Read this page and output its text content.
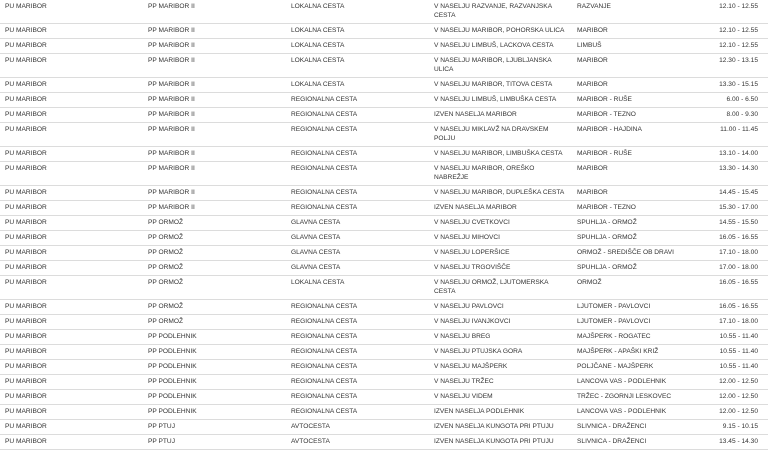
PU MARIBOR	PP MARIBOR II	LOKALNA CESTA	V NASELJU RAZVANJE, RAZVANJSKA CESTA	RAZVANJE	12.10 - 12.55
PU MARIBOR	PP MARIBOR II	LOKALNA CESTA	V NASELJU MARIBOR, POHORSKA ULICA	MARIBOR	12.10 - 12.55
PU MARIBOR	PP MARIBOR II	LOKALNA CESTA	V NASELJU LIMBUŠ, LACKOVA CESTA	LIMBUŠ	12.10 - 12.55
PU MARIBOR	PP MARIBOR II	LOKALNA CESTA	V NASELJU MARIBOR, LJUBLJANSKA ULICA	MARIBOR	12.30 - 13.15
PU MARIBOR	PP MARIBOR II	LOKALNA CESTA	V NASELJU MARIBOR, TITOVA CESTA	MARIBOR	13.30 - 15.15
PU MARIBOR	PP MARIBOR II	REGIONALNA CESTA	V NASELJU LIMBUŠ, LIMBUŠKA CESTA	MARIBOR - RUŠE	6.00 - 6.50
PU MARIBOR	PP MARIBOR II	REGIONALNA CESTA	IZVEN NASELJA MARIBOR	MARIBOR - TEZNO	8.00 - 9.30
PU MARIBOR	PP MARIBOR II	REGIONALNA CESTA	V NASELJU MIKLAVŽ NA DRAVSKEM POLJU	MARIBOR - HAJDINA	11.00 - 11.45
PU MARIBOR	PP MARIBOR II	REGIONALNA CESTA	V NASELJU MARIBOR, LIMBUŠKA CESTA	MARIBOR - RUŠE	13.10 - 14.00
PU MARIBOR	PP MARIBOR II	REGIONALNA CESTA	V NASELJU MARIBOR, OREŠKO NABREŽJE	MARIBOR	13.30 - 14.30
PU MARIBOR	PP MARIBOR II	REGIONALNA CESTA	V NASELJU MARIBOR, DUPLEŠKA CESTA	MARIBOR	14.45 - 15.45
PU MARIBOR	PP MARIBOR II	REGIONALNA CESTA	IZVEN NASELJA MARIBOR	MARIBOR - TEZNO	15.30 - 17.00
PU MARIBOR	PP ORMOŽ	GLAVNA CESTA	V NASELJU CVETKOVCI	SPUHLJA - ORMOŽ	14.55 - 15.50
PU MARIBOR	PP ORMOŽ	GLAVNA CESTA	V NASELJU MIHOVCI	SPUHLJA - ORMOŽ	16.05 - 16.55
PU MARIBOR	PP ORMOŽ	GLAVNA CESTA	V NASELJU LOPERŠICE	ORMOŽ - SREDIŠČE OB DRAVI	17.10 - 18.00
PU MARIBOR	PP ORMOŽ	GLAVNA CESTA	V NASELJU TRGOVIŠČE	SPUHLJA - ORMOŽ	17.00 - 18.00
PU MARIBOR	PP ORMOŽ	LOKALNA CESTA	V NASELJU ORMOŽ, LJUTOMERSKA CESTA	ORMOŽ	16.05 - 16.55
PU MARIBOR	PP ORMOŽ	REGIONALNA CESTA	V NASELJU PAVLOVCI	LJUTOMER - PAVLOVCI	16.05 - 16.55
PU MARIBOR	PP ORMOŽ	REGIONALNA CESTA	V NASELJU IVANJKOVCI	LJUTOMER - PAVLOVCI	17.10 - 18.00
PU MARIBOR	PP PODLEHNIK	REGIONALNA CESTA	V NASELJU BREG	MAJŠPERK - ROGATEC	10.55 - 11.40
PU MARIBOR	PP PODLEHNIK	REGIONALNA CESTA	V NASELJU PTUJSKA GORA	MAJŠPERK - APAŠKI KRIŽ	10.55 - 11.40
PU MARIBOR	PP PODLEHNIK	REGIONALNA CESTA	V NASELJU MAJŠPERK	POLJČANE - MAJŠPERK	10.55 - 11.40
PU MARIBOR	PP PODLEHNIK	REGIONALNA CESTA	V NASELJU TRŽEC	LANCOVA VAS - PODLEHNIK	12.00 - 12.50
PU MARIBOR	PP PODLEHNIK	REGIONALNA CESTA	V NASELJU VIDEM	TRŽEC - ZGORNJI LESKOVEC	12.00 - 12.50
PU MARIBOR	PP PODLEHNIK	REGIONALNA CESTA	IZVEN NASELJA PODLEHNIK	LANCOVA VAS - PODLEHNIK	12.00 - 12.50
PU MARIBOR	PP PTUJ	AVTOCESTA	IZVEN NASELJA KUNGOTA PRI PTUJU	SLIVNICA - DRAŽENCI	9.15 - 10.15
PU MARIBOR	PP PTUJ	AVTOCESTA	IZVEN NASELJA KUNGOTA PRI PTUJU	SLIVNICA - DRAŽENCI	13.45 - 14.30
